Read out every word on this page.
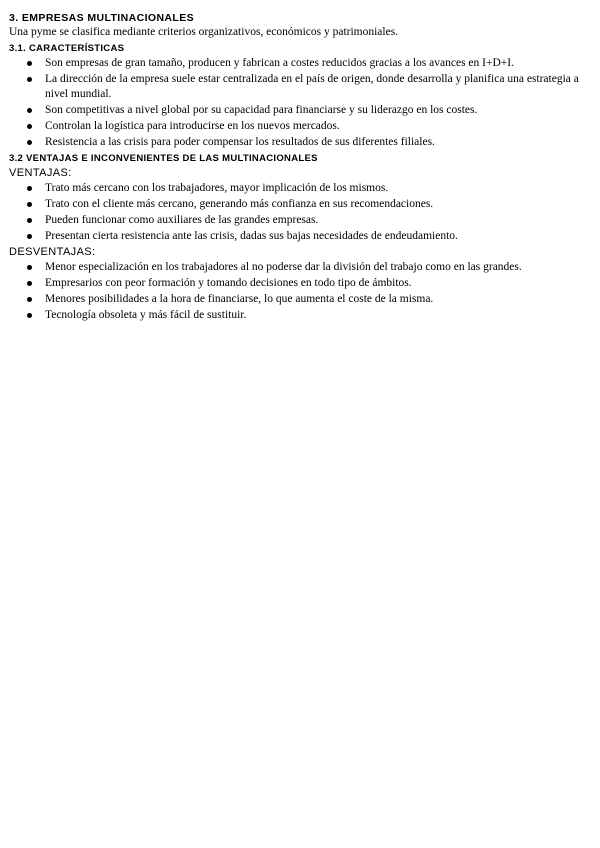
3. EMPRESAS MULTINACIONALES

Una pyme se clasifica mediante criterios organizativos, económicos y patrimoniales.

3.1. CARACTERÍSTICAS
Son empresas de gran tamaño, producen y fabrican a costes reducidos gracias a los avances en I+D+I.
La dirección de la empresa suele estar centralizada en el país de origen, donde desarrolla y planifica una estrategia a nivel mundial.
Son competitivas a nivel global por su capacidad para financiarse y su liderazgo en los costes.
Controlan la logística para introducirse en los nuevos mercados.
Resistencia a las crisis para poder compensar los resultados de sus diferentes filiales.
3.2 VENTAJAS E INCONVENIENTES DE LAS MULTINACIONALES

VENTAJAS:

Trato más cercano con los trabajadores, mayor implicación de los mismos.
Trato con el cliente más cercano, generando más confianza en sus recomendaciones.
Pueden funcionar como auxiliares de las grandes empresas.
Presentan cierta resistencia ante las crisis, dadas sus bajas necesidades de endeudamiento.

DESVENTAJAS:

Menor especialización en los trabajadores al no poderse dar la división del trabajo como en las grandes.
Empresarios con peor formación y tomando decisiones en todo tipo de ámbitos.
Menores posibilidades a la hora de financiarse, lo que aumenta el coste de la misma.
Tecnología obsoleta y más fácil de sustituir.
